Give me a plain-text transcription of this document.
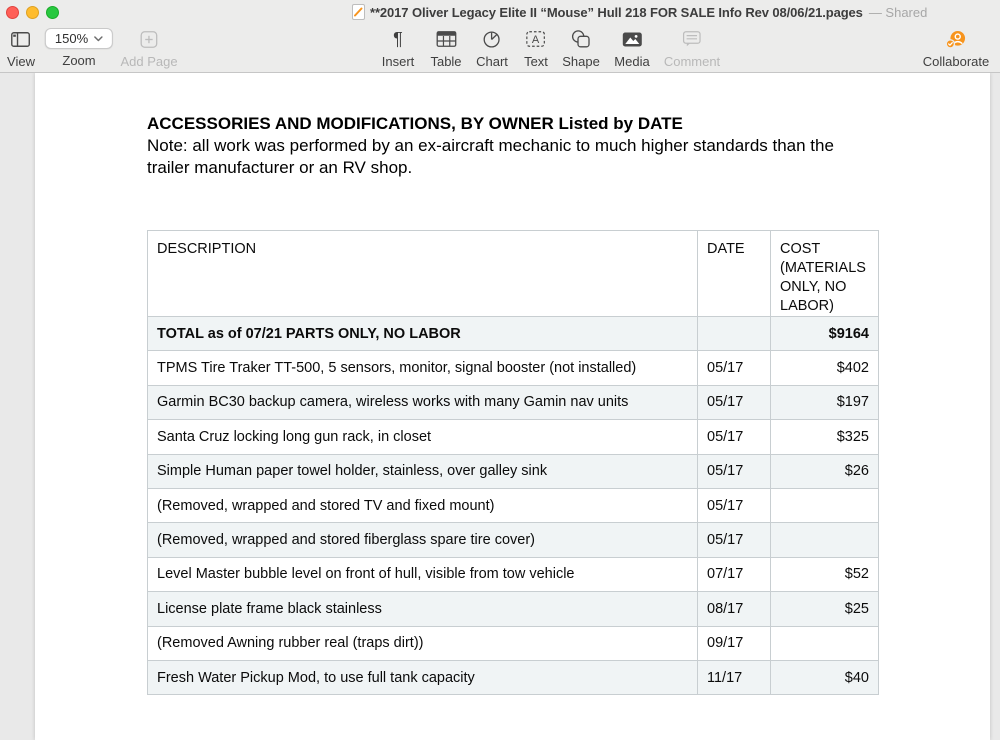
**2017 Oliver Legacy Elite II “Mouse” Hull 218 FOR SALE Info Rev 08/06/21.pages — Shared
View
150%
Zoom Add Page
¶
Insert Table Chart
A
Text Shape Media Comment	Collaborate
ACCESSORIES AND MODIFICATIONS, BY OWNER Listed by DATE
Note: all work was performed by an ex-aircraft mechanic to much higher standards than the trailer manufacturer or an RV shop.
DESCRIPTION	DATE	COST (MATERIALS ONLY, NO LABOR)
TOTAL as of 07/21 PARTS ONLY, NO LABOR		$9164
TPMS Tire Traker TT-500, 5 sensors, monitor, signal booster (not installed)	05/17	$402
Garmin BC30 backup camera, wireless works with many Gamin nav units	05/17	$197
Santa Cruz locking long gun rack, in closet	05/17	$325
Simple Human paper towel holder, stainless, over galley sink	05/17	$26
(Removed, wrapped and stored TV and fixed mount)	05/17	
(Removed, wrapped and stored fiberglass spare tire cover)	05/17	
Level Master bubble level on front of hull, visible from tow vehicle	07/17	$52
License plate frame black stainless	08/17	$25
(Removed Awning rubber real (traps dirt))	09/17	
Fresh Water Pickup Mod, to use full tank capacity	11/17	$40
